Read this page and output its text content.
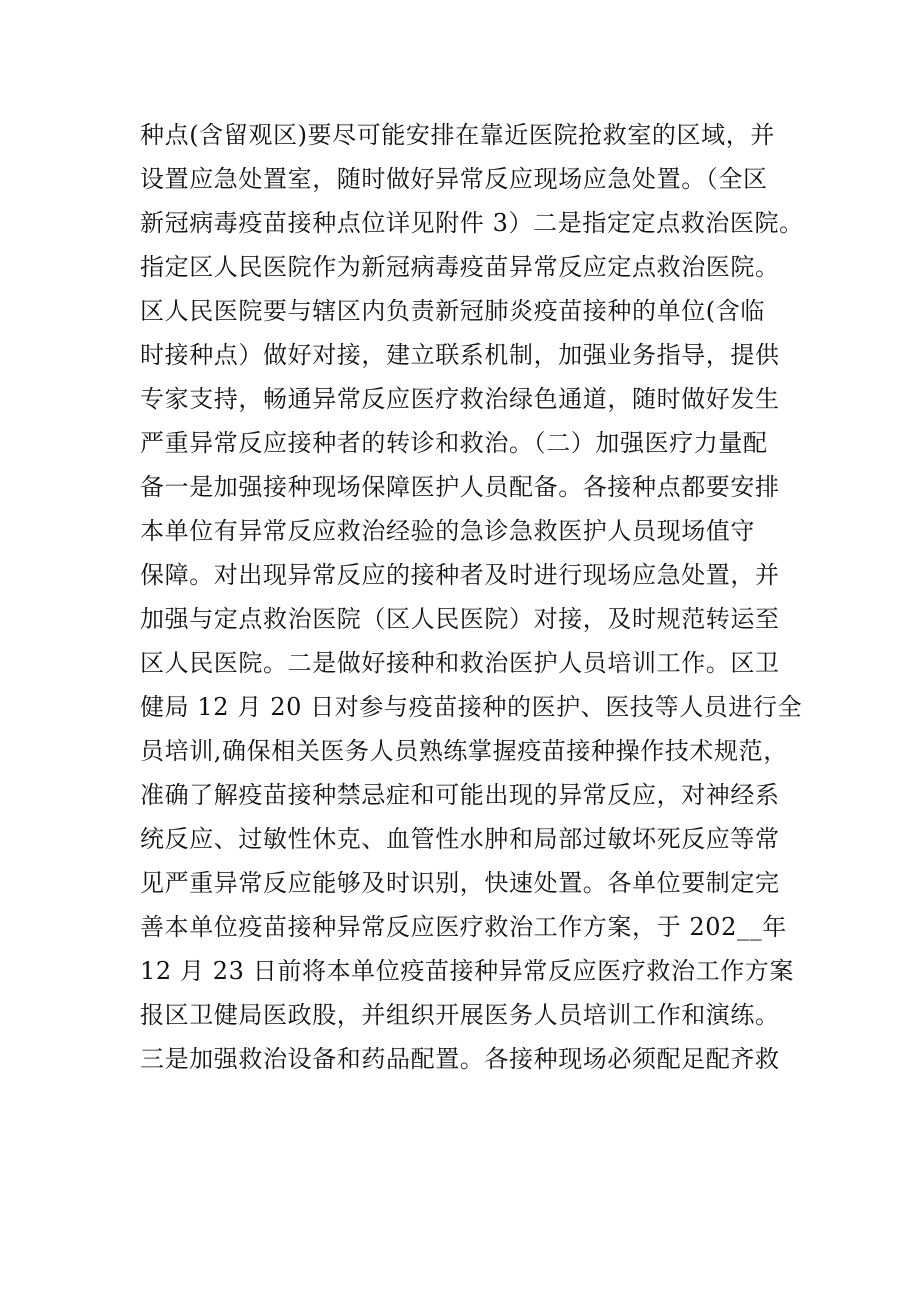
种点(含留观区)要尽可能安排在靠近医院抢救室的区域，并
设置应急处置室，随时做好异常反应现场应急处置。（全区
新冠病毒疫苗接种点位详见附件 3）二是指定定点救治医院。
指定区人民医院作为新冠病毒疫苗异常反应定点救治医院。
区人民医院要与辖区内负责新冠肺炎疫苗接种的单位(含临
时接种点）做好对接，建立联系机制，加强业务指导，提供
专家支持，畅通异常反应医疗救治绿色通道，随时做好发生
严重异常反应接种者的转诊和救治。（二）加强医疗力量配
备一是加强接种现场保障医护人员配备。各接种点都要安排
本单位有异常反应救治经验的急诊急救医护人员现场值守
保障。对出现异常反应的接种者及时进行现场应急处置，并
加强与定点救治医院（区人民医院）对接，及时规范转运至
区人民医院。二是做好接种和救治医护人员培训工作。区卫
健局 12 月 20 日对参与疫苗接种的医护、医技等人员进行全
员培训,确保相关医务人员熟练掌握疫苗接种操作技术规范，
准确了解疫苗接种禁忌症和可能出现的异常反应，对神经系
统反应、过敏性休克、血管性水肿和局部过敏坏死反应等常
见严重异常反应能够及时识别，快速处置。各单位要制定完
善本单位疫苗接种异常反应医疗救治工作方案，于 202__年
12 月 23 日前将本单位疫苗接种异常反应医疗救治工作方案
报区卫健局医政股，并组织开展医务人员培训工作和演练。
三是加强救治设备和药品配置。各接种现场必须配足配齐救
